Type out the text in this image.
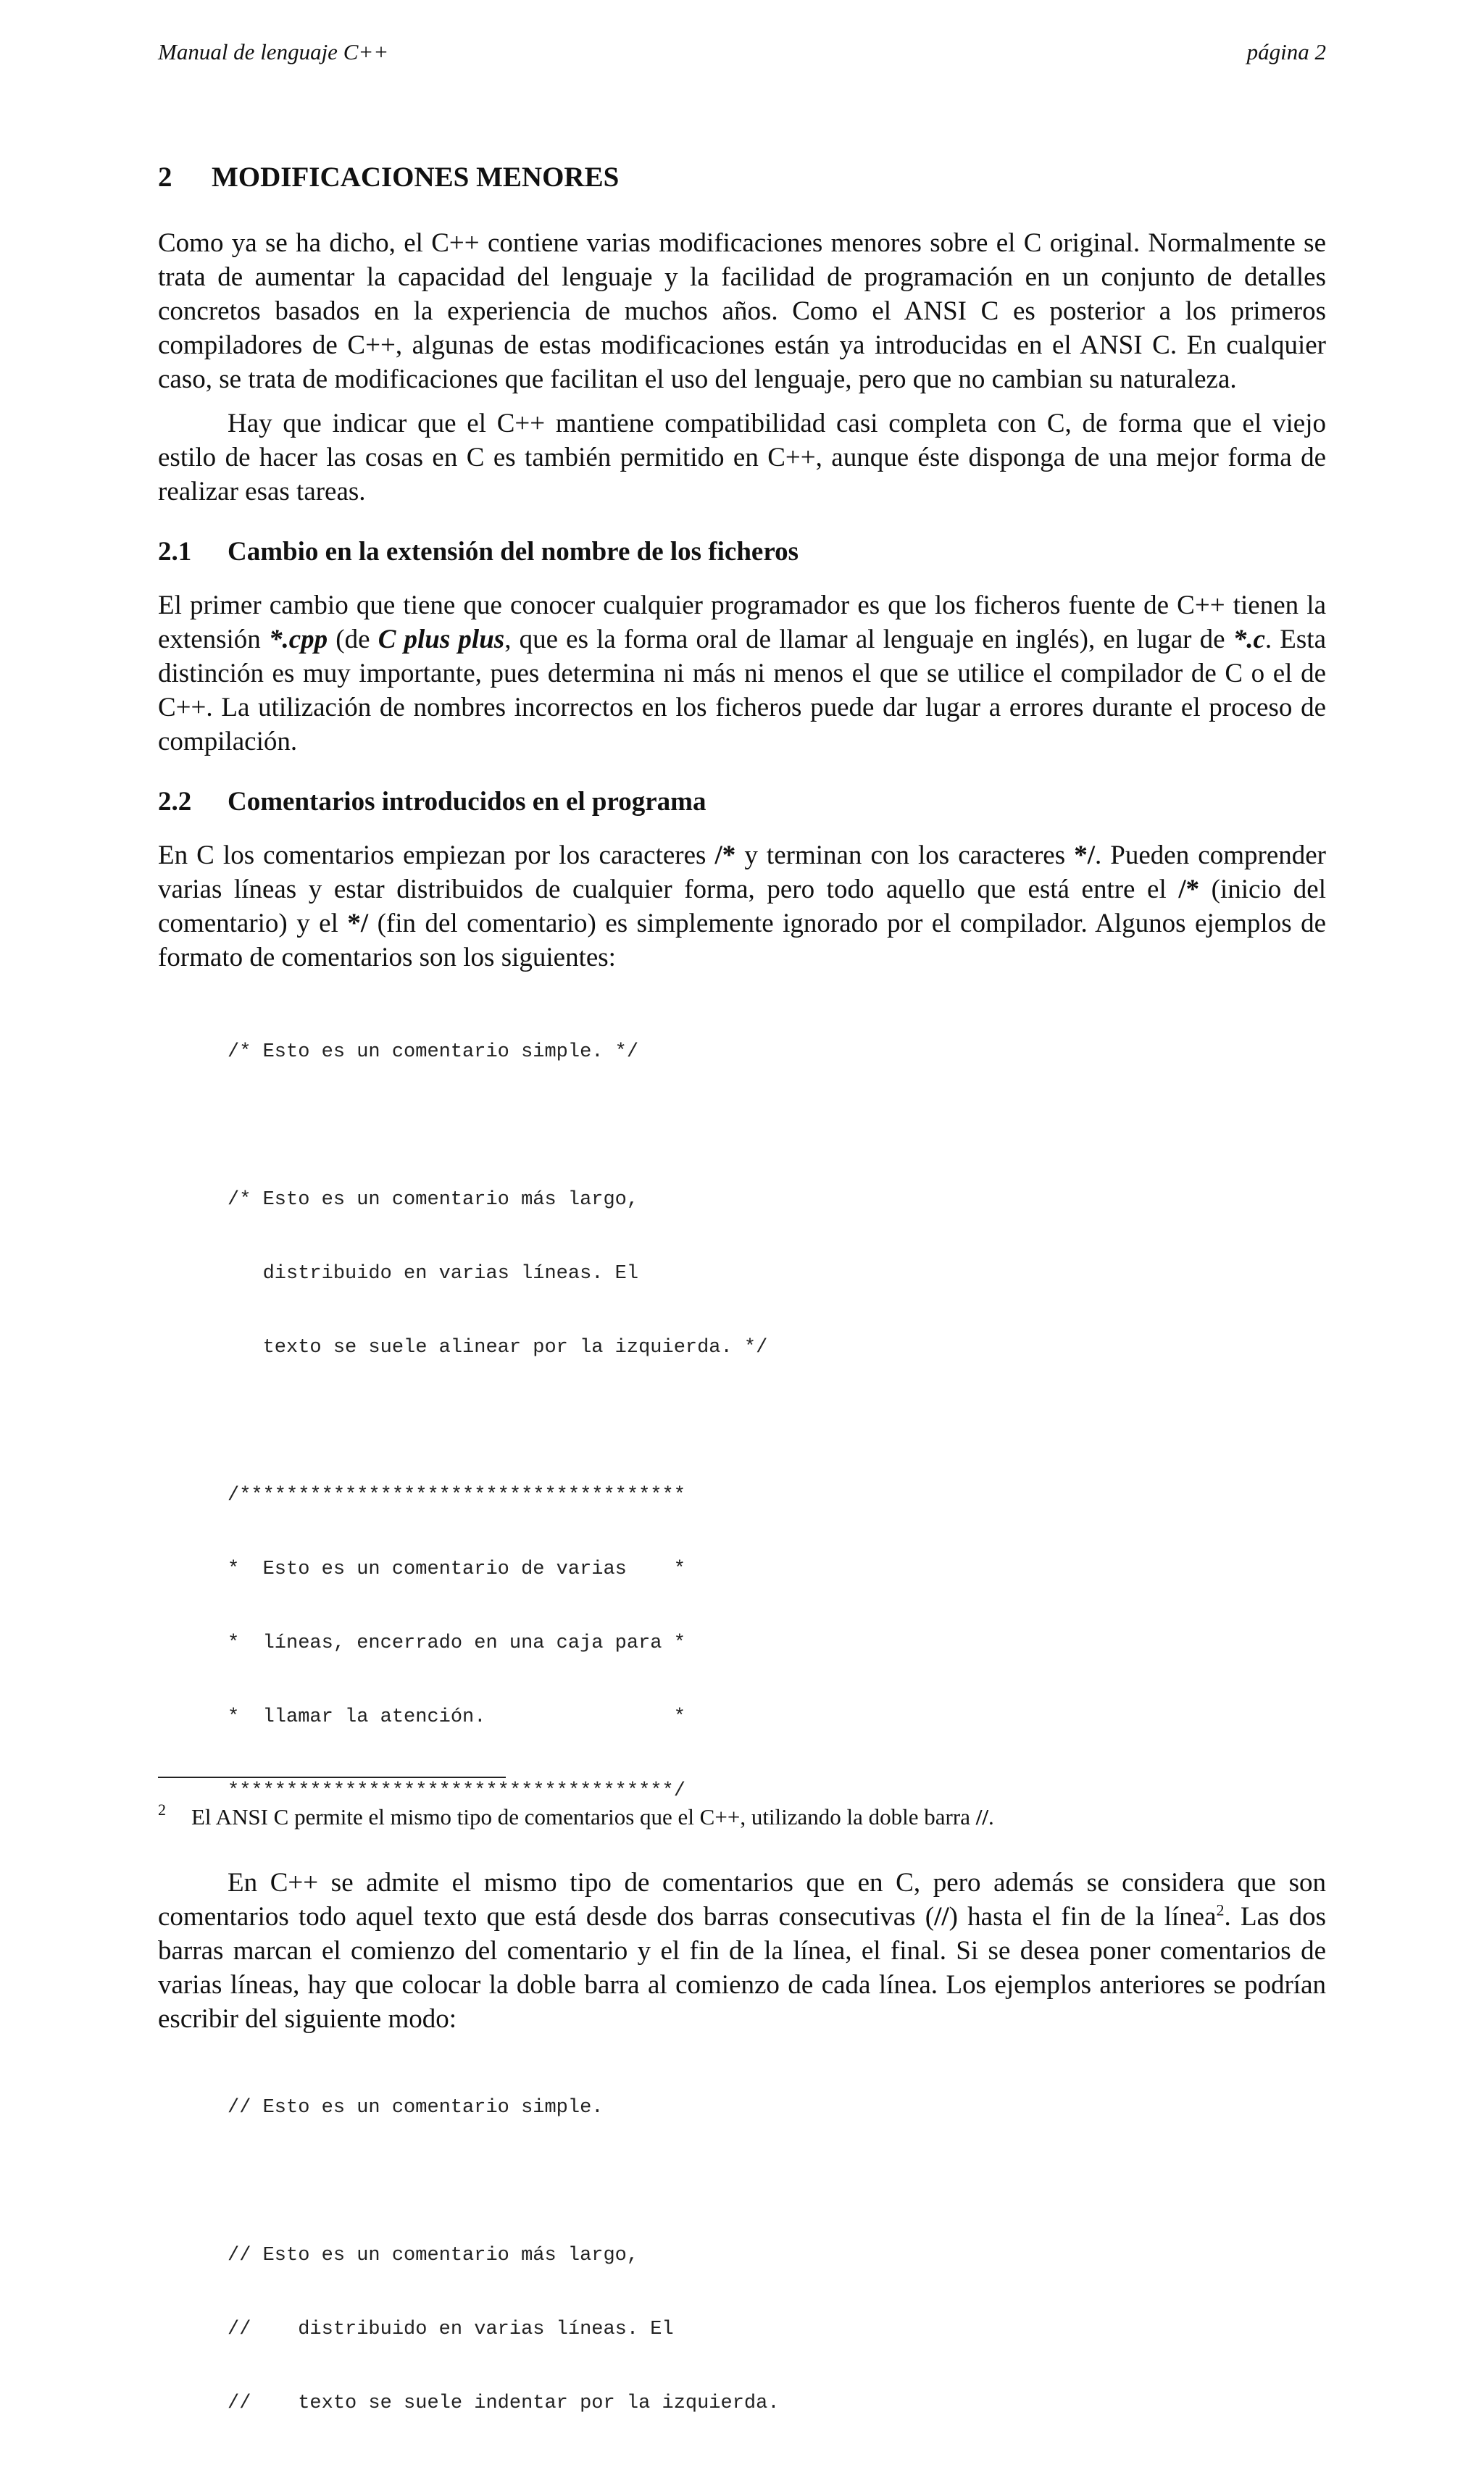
Manual de lenguaje C++	página 2
2	MODIFICACIONES MENORES

Como ya se ha dicho, el C++ contiene varias modificaciones menores sobre el C original. Normalmente se trata de aumentar la capacidad del lenguaje y la facilidad de programación en un conjunto de detalles concretos basados en la experiencia de muchos años. Como el ANSI C es posterior a los primeros compiladores de C++, algunas de estas modificaciones están ya introducidas en el ANSI C. En cualquier caso, se trata de modificaciones que facilitan el uso del lenguaje, pero que no cambian su naturaleza.

Hay que indicar que el C++ mantiene compatibilidad casi completa con C, de forma que el viejo estilo de hacer las cosas en C es también permitido en C++, aunque éste disponga de una mejor forma de realizar esas tareas.

2.1	Cambio en la extensión del nombre de los ficheros

El primer cambio que tiene que conocer cualquier programador es que los ficheros fuente de C++ tienen la extensión *.cpp (de C plus plus, que es la forma oral de llamar al lenguaje en inglés), en lugar de *.c. Esta distinción es muy importante, pues determina ni más ni menos el que se utilice el compilador de C o el de C++. La utilización de nombres incorrectos en los ficheros puede dar lugar a errores durante el proceso de compilación.

2.2	Comentarios introducidos en el programa

En C los comentarios empiezan por los caracteres /* y terminan con los caracteres */. Pueden comprender varias líneas y estar distribuidos de cualquier forma, pero todo aquello que está entre el /* (inicio del comentario) y el */ (fin del comentario) es simplemente ignorado por el compilador. Algunos ejemplos de formato de comentarios son los siguientes:

/* Esto es un comentario simple. */

/* Esto es un comentario más largo,

distribuido en varias líneas. El

texto se suele alinear por la izquierda. */

/**************************************

*  Esto es un comentario de varias    *

*  líneas, encerrado en una caja para *

*  llamar la atención.                *

**************************************/

En C++ se admite el mismo tipo de comentarios que en C, pero además se considera que son comentarios todo aquel texto que está desde dos barras consecutivas (//) hasta el fin de la línea$^2$. Las dos barras marcan el comienzo del comentario y el fin de la línea, el final. Si se desea poner comentarios de varias líneas, hay que colocar la doble barra al comienzo de cada línea. Los ejemplos anteriores se podrían escribir del siguiente modo:

// Esto es un comentario simple.

// Esto es un comentario más largo,

//    distribuido en varias líneas. El

//    texto se suele indentar por la izquierda.

2	El ANSI C permite el mismo tipo de comentarios que el C++, utilizando la doble barra //.
